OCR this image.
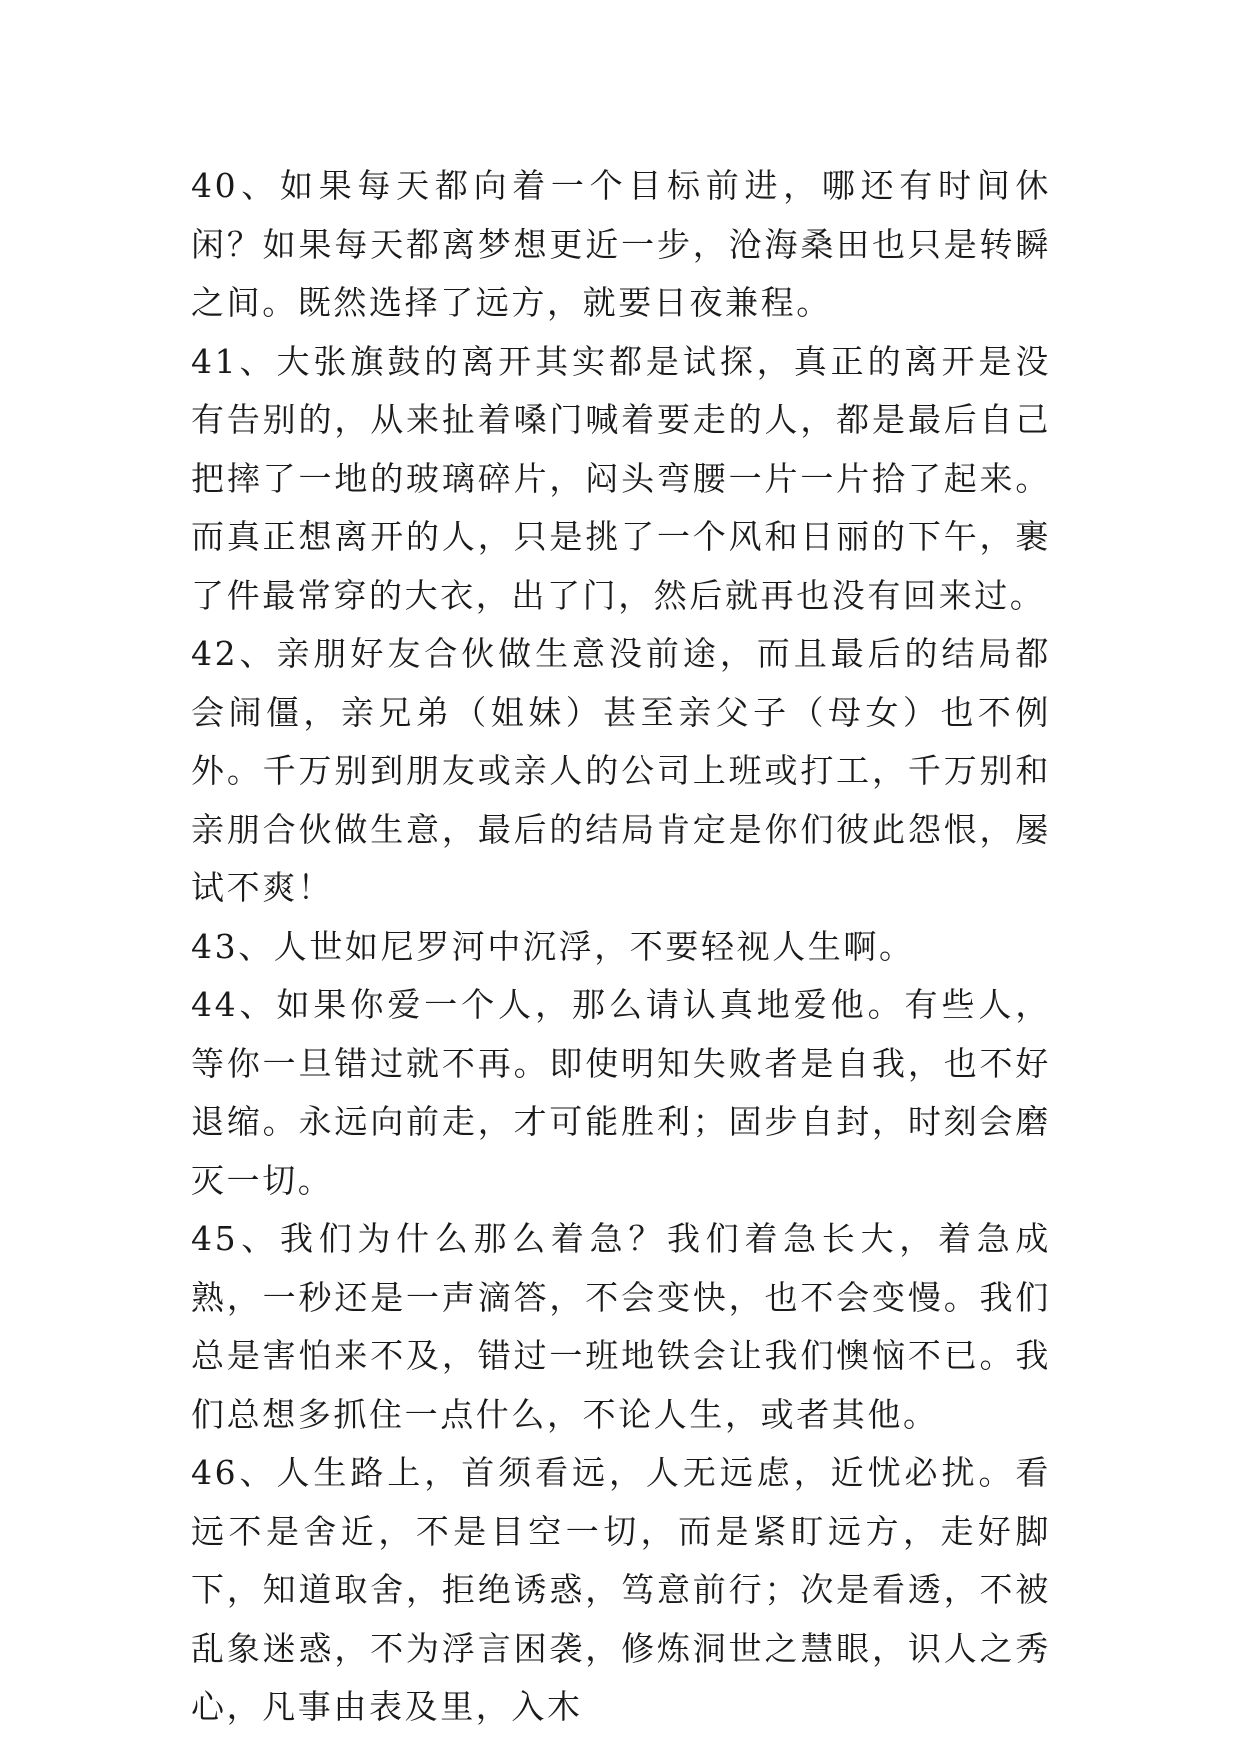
40、如果每天都向着一个目标前进，哪还有时间休闲？如果每天都离梦想更近一步，沧海桑田也只是转瞬之间。既然选择了远方，就要日夜兼程。

41、大张旗鼓的离开其实都是试探，真正的离开是没有告别的，从来扯着嗓门喊着要走的人，都是最后自己把摔了一地的玻璃碎片，闷头弯腰一片一片拾了起来。而真正想离开的人，只是挑了一个风和日丽的下午，裹了件最常穿的大衣，出了门，然后就再也没有回来过。

42、亲朋好友合伙做生意没前途，而且最后的结局都会闹僵，亲兄弟（姐妹）甚至亲父子（母女）也不例外。千万别到朋友或亲人的公司上班或打工，千万别和亲朋合伙做生意，最后的结局肯定是你们彼此怨恨，屡试不爽！

43、人世如尼罗河中沉浮，不要轻视人生啊。

44、如果你爱一个人，那么请认真地爱他。有些人，等你一旦错过就不再。即使明知失败者是自我，也不好退缩。永远向前走，才可能胜利；固步自封，时刻会磨灭一切。

45、我们为什么那么着急？我们着急长大，着急成熟，一秒还是一声滴答，不会变快，也不会变慢。我们总是害怕来不及，错过一班地铁会让我们懊恼不已。我们总想多抓住一点什么，不论人生，或者其他。

46、人生路上，首须看远，人无远虑，近忧必扰。看远不是舍近，不是目空一切，而是紧盯远方，走好脚下，知道取舍，拒绝诱惑，笃意前行；次是看透，不被乱象迷惑，不为浮言困袭，修炼洞世之慧眼，识人之秀心，凡事由表及里，入木
